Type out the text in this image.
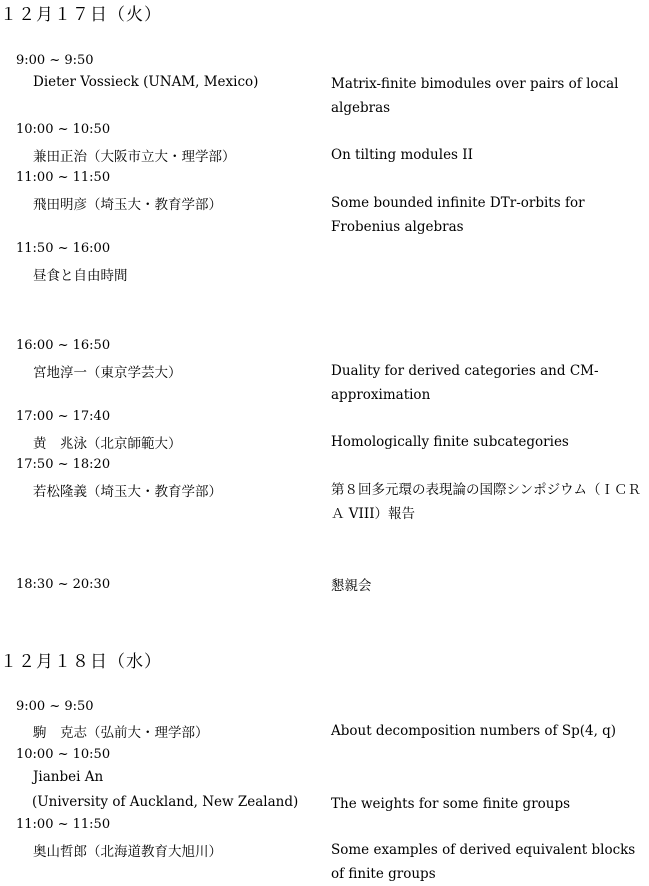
１２月１７日（火）
9:00 ~ 9:50
Dieter Vossieck (UNAM, Mexico)	Matrix-finite bimodules over pairs of local algebras
10:00 ~ 10:50
兼田正治（大阪市立大・理学部）	On tilting modules II
11:00 ~ 11:50
飛田明彦（埼玉大・教育学部）	Some bounded infinite DTr-orbits for Frobenius algebras
11:50 ~ 16:00
昼食と自由時間
16:00 ~ 16:50
宮地淳一（東京学芸大）	Duality for derived categories and CM-approximation
17:00 ~ 17:40
黄　兆泳（北京師範大）	Homologically finite subcategories
17:50 ~ 18:20
若松隆義（埼玉大・教育学部）	第８回多元環の表現論の国際シンポジウム（ＩＣＲＡ VIII）報告
18:30 ~ 20:30	懇親会
１２月１８日（水）
9:00 ~ 9:50
駒　克志（弘前大・理学部）	About decomposition numbers of Sp(4, q)
10:00 ~ 10:50
Jianbei An
(University of Auckland, New Zealand) The weights for some finite groups
11:00 ~ 11:50
奥山哲郎（北海道教育大旭川）	Some examples of derived equivalent blocks of finite groups
